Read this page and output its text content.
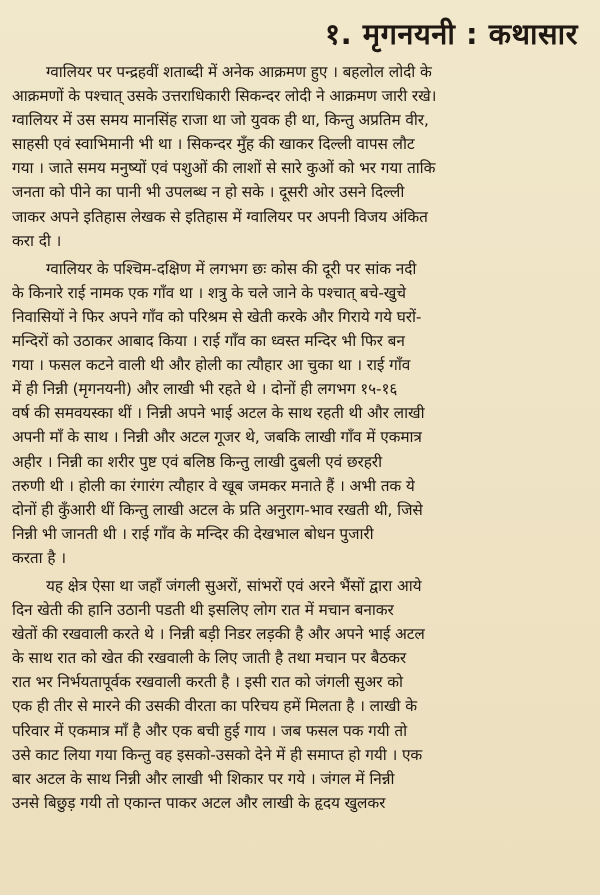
१. मृगनयनी : कथासार
ग्वालियर पर पन्द्रहवीं शताब्दी में अनेक आक्रमण हुए । बहलोल लोदी के
आक्रमणों के पश्चात् उसके उत्तराधिकारी सिकन्दर लोदी ने आक्रमण जारी रखे।
ग्वालियर में उस समय मानसिंह राजा था जो युवक ही था, किन्तु अप्रतिम वीर,
साहसी एवं स्वाभिमानी भी था । सिकन्दर मुँह की खाकर दिल्ली वापस लौट
गया । जाते समय मनुष्यों एवं पशुओं की लाशों से सारे कुओं को भर गया ताकि
जनता को पीने का पानी भी उपलब्ध न हो सके । दूसरी ओर उसने दिल्ली
जाकर अपने इतिहास लेखक से इतिहास में ग्वालियर पर अपनी विजय अंकित
करा दी ।
ग्वालियर के पश्चिम-दक्षिण में लगभग छः कोस की दूरी पर सांक नदी
के किनारे राई नामक एक गाँव था । शत्रु के चले जाने के पश्चात् बचे-खुचे
निवासियों ने फिर अपने गाँव को परिश्रम से खेती करके और गिराये गये घरों-
मन्दिरों को उठाकर आबाद किया । राई गाँव का ध्वस्त मन्दिर भी फिर बन
गया । फसल कटने वाली थी और होली का त्यौहार आ चुका था । राई गाँव
में ही निन्नी (मृगनयनी) और लाखी भी रहते थे । दोनों ही लगभग १५-१६
वर्ष की समवयस्का थीं । निन्नी अपने भाई अटल के साथ रहती थी और लाखी
अपनी माँ के साथ । निन्नी और अटल गूजर थे, जबकि लाखी गाँव में एकमात्र
अहीर । निन्नी का शरीर पुष्ट एवं बलिष्ठ किन्तु लाखी दुबली एवं छरहरी
तरुणी थी । होली का रंगारंग त्यौहार वे खूब जमकर मनाते हैं । अभी तक ये
दोनों ही कुँआरी थीं किन्तु लाखी अटल के प्रति अनुराग-भाव रखती थी, जिसे
निन्नी भी जानती थी । राई गाँव के मन्दिर की देखभाल बोधन पुजारी
करता है ।
यह क्षेत्र ऐसा था जहाँ जंगली सुअरों, सांभरों एवं अरने भैंसों द्वारा आये
दिन खेती की हानि उठानी पडती थी इसलिए लोग रात में मचान बनाकर
खेतों की रखवाली करते थे । निन्नी बड़ी निडर लड़की है और अपने भाई अटल
के साथ रात को खेत की रखवाली के लिए जाती है तथा मचान पर बैठकर
रात भर निर्भयतापूर्वक रखवाली करती है । इसी रात को जंगली सुअर को
एक ही तीर से मारने की उसकी वीरता का परिचय हमें मिलता है । लाखी के
परिवार में एकमात्र माँ है और एक बची हुई गाय । जब फसल पक गयी तो
उसे काट लिया गया किन्तु वह इसको-उसको देने में ही समाप्त हो गयी । एक
बार अटल के साथ निन्नी और लाखी भी शिकार पर गये । जंगल में निन्नी
उनसे बिछुड़ गयी तो एकान्त पाकर अटल और लाखी के हृदय खुलकर
